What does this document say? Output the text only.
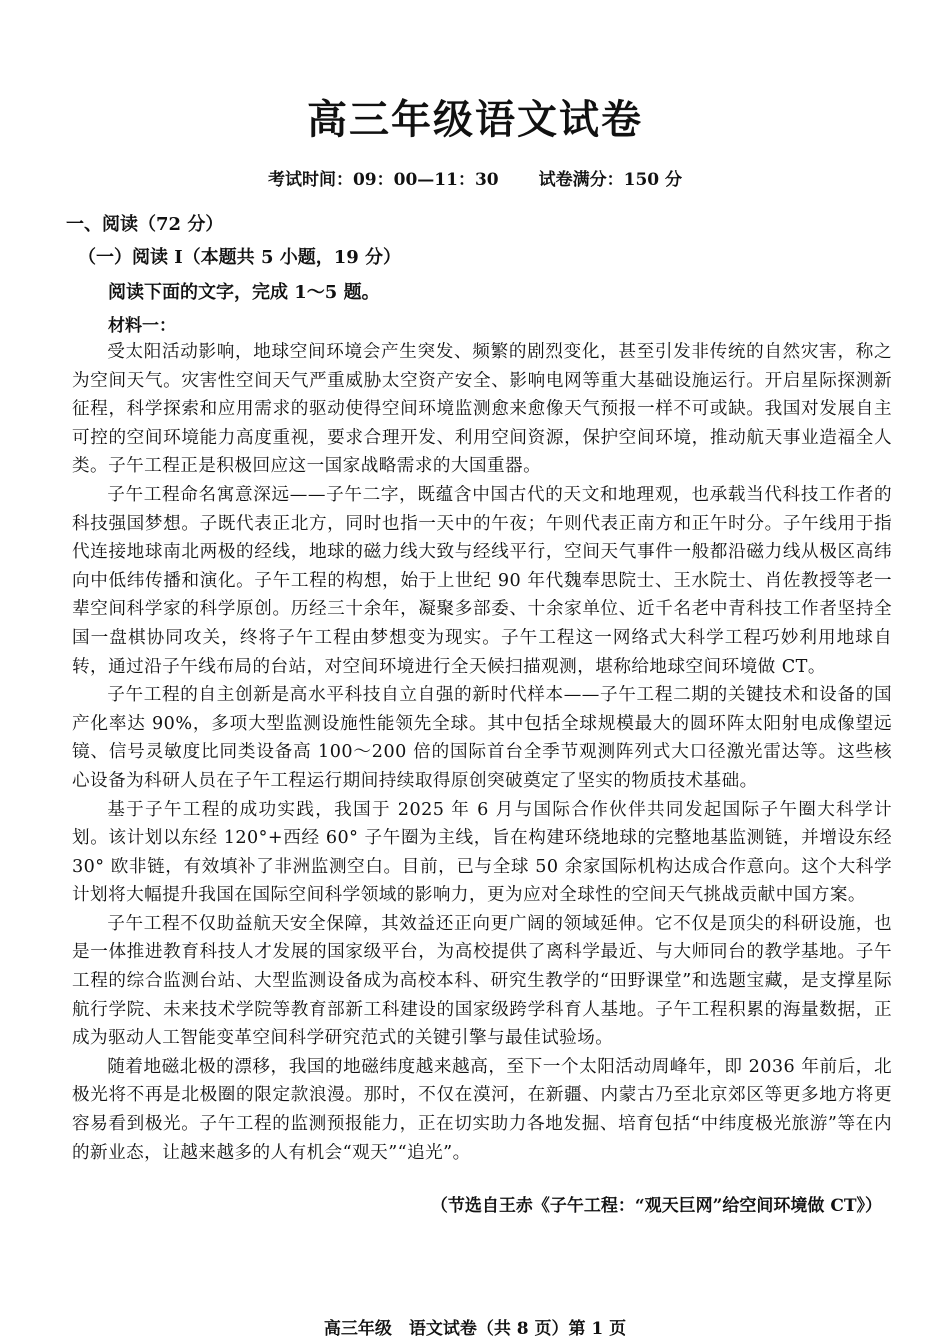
高三年级语文试卷
考试时间：09：00—11：30 试卷满分：150 分
一、阅读（72 分）
（一）阅读 I（本题共 5 小题，19 分）
阅读下面的文字，完成 1～5 题。
材料一：

受太阳活动影响，地球空间环境会产生突发、频繁的剧烈变化，甚至引发非传统的自然灾害，称之为空间天气。灾害性空间天气严重威胁太空资产安全、影响电网等重大基础设施运行。开启星际探测新征程，科学探索和应用需求的驱动使得空间环境监测愈来愈像天气预报一样不可或缺。我国对发展自主可控的空间环境能力高度重视，要求合理开发、利用空间资源，保护空间环境，推动航天事业造福全人类。子午工程正是积极回应这一国家战略需求的大国重器。

子午工程命名寓意深远——子午二字，既蕴含中国古代的天文和地理观，也承载当代科技工作者的科技强国梦想。子既代表正北方，同时也指一天中的午夜；午则代表正南方和正午时分。子午线用于指代连接地球南北两极的经线，地球的磁力线大致与经线平行，空间天气事件一般都沿磁力线从极区高纬向中低纬传播和演化。子午工程的构想，始于上世纪 90 年代魏奉思院士、王水院士、肖佐教授等老一辈空间科学家的科学原创。历经三十余年，凝聚多部委、十余家单位、近千名老中青科技工作者坚持全国一盘棋协同攻关，终将子午工程由梦想变为现实。子午工程这一网络式大科学工程巧妙利用地球自转，通过沿子午线布局的台站，对空间环境进行全天候扫描观测，堪称给地球空间环境做 CT。

子午工程的自主创新是高水平科技自立自强的新时代样本——子午工程二期的关键技术和设备的国产化率达 90%，多项大型监测设施性能领先全球。其中包括全球规模最大的圆环阵太阳射电成像望远镜、信号灵敏度比同类设备高 100～200 倍的国际首台全季节观测阵列式大口径激光雷达等。这些核心设备为科研人员在子午工程运行期间持续取得原创突破奠定了坚实的物质技术基础。

基于子午工程的成功实践，我国于 2025 年 6 月与国际合作伙伴共同发起国际子午圈大科学计划。该计划以东经 120°+西经 60° 子午圈为主线，旨在构建环绕地球的完整地基监测链，并增设东经 30° 欧非链，有效填补了非洲监测空白。目前，已与全球 50 余家国际机构达成合作意向。这个大科学计划将大幅提升我国在国际空间科学领域的影响力，更为应对全球性的空间天气挑战贡献中国方案。

子午工程不仅助益航天安全保障，其效益还正向更广阔的领域延伸。它不仅是顶尖的科研设施，也是一体推进教育科技人才发展的国家级平台，为高校提供了离科学最近、与大师同台的教学基地。子午工程的综合监测台站、大型监测设备成为高校本科、研究生教学的“田野课堂”和选题宝藏，是支撑星际航行学院、未来技术学院等教育部新工科建设的国家级跨学科育人基地。子午工程积累的海量数据，正成为驱动人工智能变革空间科学研究范式的关键引擎与最佳试验场。

随着地磁北极的漂移，我国的地磁纬度越来越高，至下一个太阳活动周峰年，即 2036 年前后，北极光将不再是北极圈的限定款浪漫。那时，不仅在漠河，在新疆、内蒙古乃至北京郊区等更多地方将更容易看到极光。子午工程的监测预报能力，正在切实助力各地发掘、培育包括“中纬度极光旅游”等在内的新业态，让越来越多的人有机会“观天”“追光”。

（节选自王赤《子午工程：“观天巨网”给空间环境做 CT》）
高三年级　语文试卷（共 8 页）第 1 页
